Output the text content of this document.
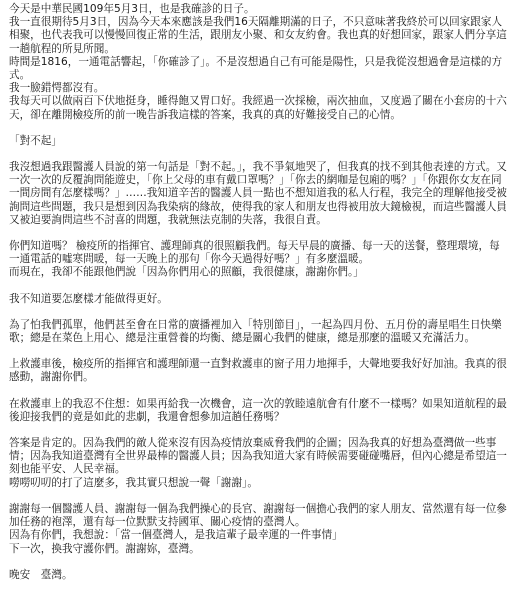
今天是中華民國109年5月3日，也是我確診的日子。

我一直很期待5月3日，因為今天本來應該是我們16天隔離期滿的日子，不只意味著我終於可以回家跟家人相聚，也代表我可以慢慢回復正常的生活，跟朋友小聚、和女友約會。我也真的好想回家，跟家人們分享這一趟航程的所見所聞。

時間是1816，一通電話響起，「你確診了」。不是沒想過自己有可能是陽性，只是我從沒想過會是這樣的方式。

我一臉錯愕都沒有。

我每天可以做兩百下伏地挺身，睡得飽又胃口好。我經過一次採檢，兩次抽血，又度過了關在小套房的十六天，卻在離開檢疫所的前一晚告訴我這樣的答案，我真的真的好難接受自己的心情。

「對不起」

我沒想過我跟醫護人員說的第一句話是「對不起。」，我不爭氣地哭了，但我真的找不到其他表達的方式。又一次一次的反覆詢問能遊史，「你上父母的車有戴口罩嗎？」「你去的網咖是包廂的嗎？」「你跟你女友在同一間房間有怎麼樣嗎？」……我知道辛苦的醫護人員一點也不想知道我的私人行程，我完全的理解他接受被詢問這些問題，我只是想到因為我染病的緣故，使得我的家人和朋友也得被用放大鏡檢視，而這些醫護人員又被迫要詢問這些不討喜的問題，我就無法克制的失落，我很自責。

你們知道嗎？ 檢疫所的指揮官、護理師真的很照顧我們。每天早晨的廣播、每一天的送餐，整理環境，每一通電話的噓寒問暖，每一天晚上的那句「你今天過得好嗎？」有多麼溫暖。

而現在，我卻不能跟他們說「因為你們用心的照顧，我很健康，謝謝你們。」

我不知道要怎麼樣才能做得更好。

為了怕我們孤單，他們甚至會在日常的廣播裡加入「特別節目」，一起為四月份、五月份的壽星唱生日快樂歌；總是在菜色上用心、總是注重營養的均衡、總是關心我們的健康，總是那麼的溫暖又充滿活力。

上救護車後，檢疫所的指揮官和護理師還一直對救護車的窗子用力地揮手，大聲地要我好好加油。我真的很感動，謝謝你們。

在救護車上的我忍不住想：如果再給我一次機會，這一次的敦睦遠航會有什麼不一樣嗎？如果知道航程的最後迎接我們的竟是如此的悲劇，我還會想參加這趟任務嗎？

答案是肯定的。因為我們的敵人從來沒有因為疫情放棄威脅我們的企圖；因為我真的好想為臺灣做一些事情；因為我知道臺灣有全世界最棒的醫護人員；因為我知道大家有時候需要碰碰嘴唇，但內心總是希望這一刻也能平安、人民幸福。

嘮嘮叨叨的打了這麼多，我其實只想說一聲「謝謝」。

謝謝每一個醫護人員、謝謝每一個為我們操心的長官、謝謝每一個擔心我們的家人朋友、當然還有每一位參加任務的袍澤，還有每一位默默支持國軍、關心疫情的臺灣人。

因為有你們，我想說：「當一個臺灣人，是我這輩子最幸運的一件事情」

下一次，換我守護你們。謝謝妳，臺灣。

晚安　臺灣。
